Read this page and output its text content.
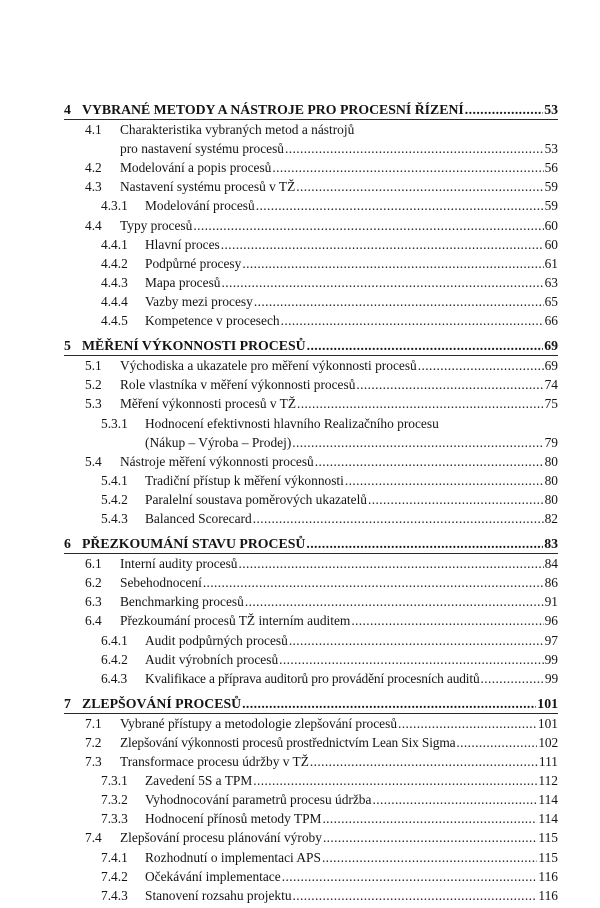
4 VYBRANÉ METODY A NÁSTROJE PRO PROCESNÍ ŘÍZENÍ .....	53
4.1	Charakteristika vybraných metod a nástrojů
pro nastavení systému procesů .....	53
4.2	Modelování a popis procesů .....	56
4.3	Nastavení systému procesů v TŽ .....	59
4.3.1	Modelování procesů .....	59
4.4	Typy procesů .....	60
4.4.1	Hlavní proces .....	60
4.4.2	Podpůrné procesy .....	61
4.4.3	Mapa procesů .....	63
4.4.4	Vazby mezi procesy .....	65
4.4.5	Kompetence v procesech .....	66
5 MĚŘENÍ VÝKONNOSTI PROCESŮ .....	69
5.1	Východiska a ukazatele pro měření výkonnosti procesů .....	69
5.2	Role vlastníka v měření výkonnosti procesů .....	74
5.3	Měření výkonnosti procesů v TŽ .....	75
5.3.1	Hodnocení efektivnosti hlavního Realizačního procesu
(Nákup – Výroba – Prodej) .....	79
5.4	Nástroje měření výkonnosti procesů .....	80
5.4.1	Tradiční přístup k měření výkonnosti .....	80
5.4.2	Paralelní soustava poměrových ukazatelů .....	80
5.4.3	Balanced Scorecard .....	82
6 PŘEZKOUMÁNÍ STAVU PROCESŮ .....	83
6.1	Interní audity procesů .....	84
6.2	Sebehodnocení .....	86
6.3	Benchmarking procesů .....	91
6.4	Přezkoumání procesů TŽ interním auditem .....	96
6.4.1	Audit podpůrných procesů .....	97
6.4.2	Audit výrobních procesů .....	99
6.4.3	Kvalifikace a příprava auditorů pro provádění procesních auditů .....	99
7 ZLEPŠOVÁNÍ PROCESŮ .....	101
7.1	Vybrané přístupy a metodologie zlepšování procesů .....	101
7.2	Zlepšování výkonnosti procesů prostřednictvím Lean Six Sigma .....	102
7.3	Transformace procesu údržby v TŽ .....	111
7.3.1	Zavedení 5S a TPM .....	112
7.3.2	Vyhodnocování parametrů procesu údržba .....	114
7.3.3	Hodnocení přínosů metody TPM .....	114
7.4	Zlepšování procesu plánování výroby .....	115
7.4.1	Rozhodnutí o implementaci APS .....	115
7.4.2	Očekávání implementace .....	116
7.4.3	Stanovení rozsahu projektu .....	116
